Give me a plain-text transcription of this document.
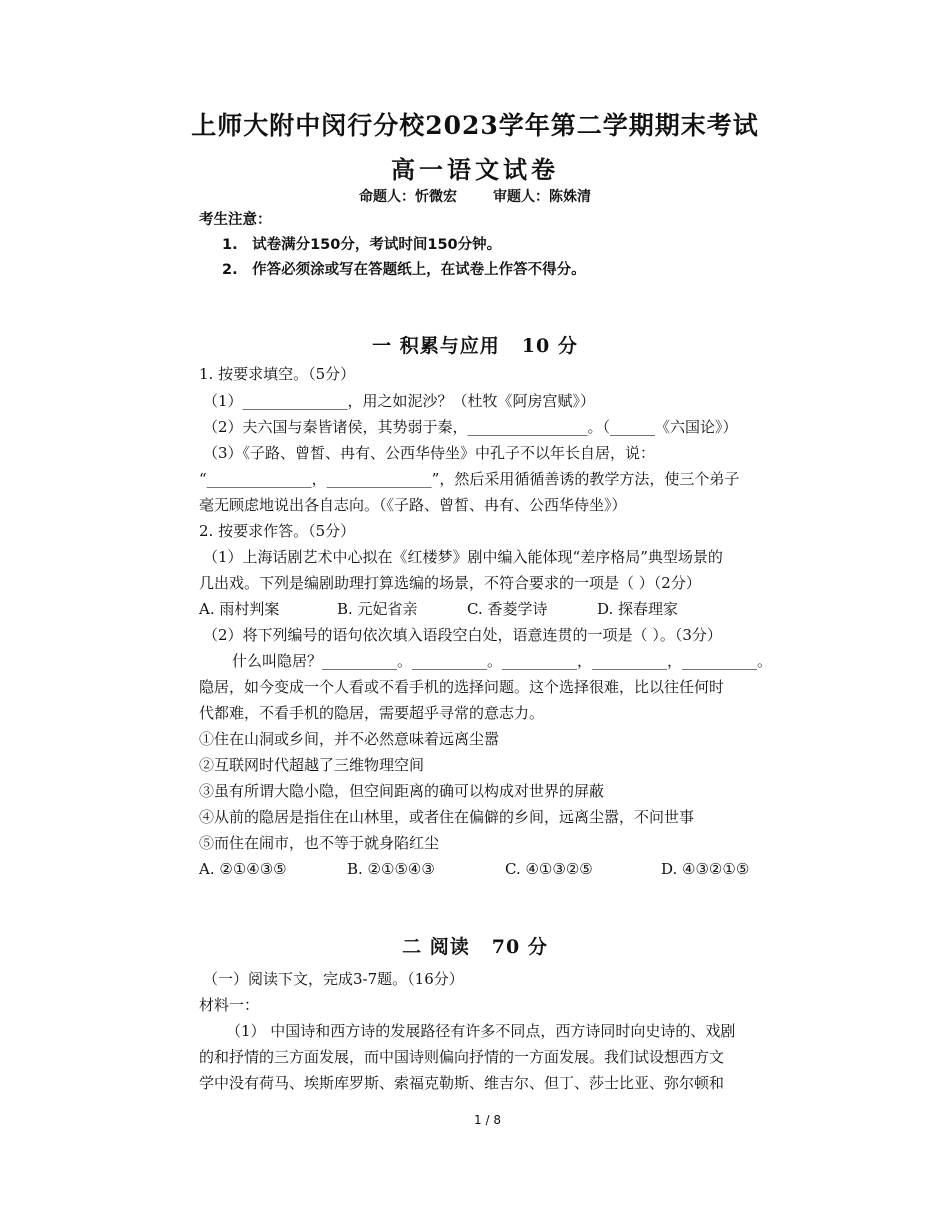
上师大附中闵行分校2023学年第二学期期末考试
高一语文试卷
命题人：忻微宏	审题人：陈姝清
考生注意：
1.　试卷满分150分，考试时间150分钟。
2.　作答必须涂或写在答题纸上，在试卷上作答不得分。
一 积累与应用 10 分
1. 按要求填空。（5分）
（1）______________，用之如泥沙？（杜牧《阿房宫赋》）
（2）夫六国与秦皆诸侯，其势弱于秦，________________。（______《六国论》）
（3）《子路、曾皙、冉有、公西华侍坐》中孔子不以年长自居，说：
“______________，______________”，然后采用循循善诱的教学方法，使三个弟子
毫无顾虑地说出各自志向。（《子路、曾皙、冉有、公西华侍坐》）
2. 按要求作答。（5分）
（1）上海话剧艺术中心拟在《红楼梦》剧中编入能体现“差序格局”典型场景的
几出戏。下列是编剧助理打算选编的场景，不符合要求的一项是（ ）（2分）
A. 雨村判案	B. 元妃省亲	C. 香菱学诗	D. 探春理家
（2）将下列编号的语句依次填入语段空白处，语意连贯的一项是（ ）。（3分）
什么叫隐居？__________。__________。__________，__________，__________。
隐居，如今变成一个人看或不看手机的选择问题。这个选择很难，比以往任何时
代都难，不看手机的隐居，需要超乎寻常的意志力。
①住在山洞或乡间，并不必然意味着远离尘嚣
②互联网时代超越了三维物理空间
③虽有所谓大隐小隐，但空间距离的确可以构成对世界的屏蔽
④从前的隐居是指住在山林里，或者住在偏僻的乡间，远离尘嚣，不问世事
⑤而住在闹市，也不等于就身陷红尘
A. ②①④③⑤	B. ②①⑤④③	C. ④①③②⑤	D. ④③②①⑤
二 阅读 70 分
（一）阅读下文，完成3-7题。（16分）
材料一：
（1） 中国诗和西方诗的发展路径有许多不同点，西方诗同时向史诗的、戏剧
的和抒情的三方面发展，而中国诗则偏向抒情的一方面发展。我们试设想西方文
学中没有荷马、埃斯库罗斯、索福克勒斯、维吉尔、但丁、莎士比亚、弥尔顿和
1 / 8
